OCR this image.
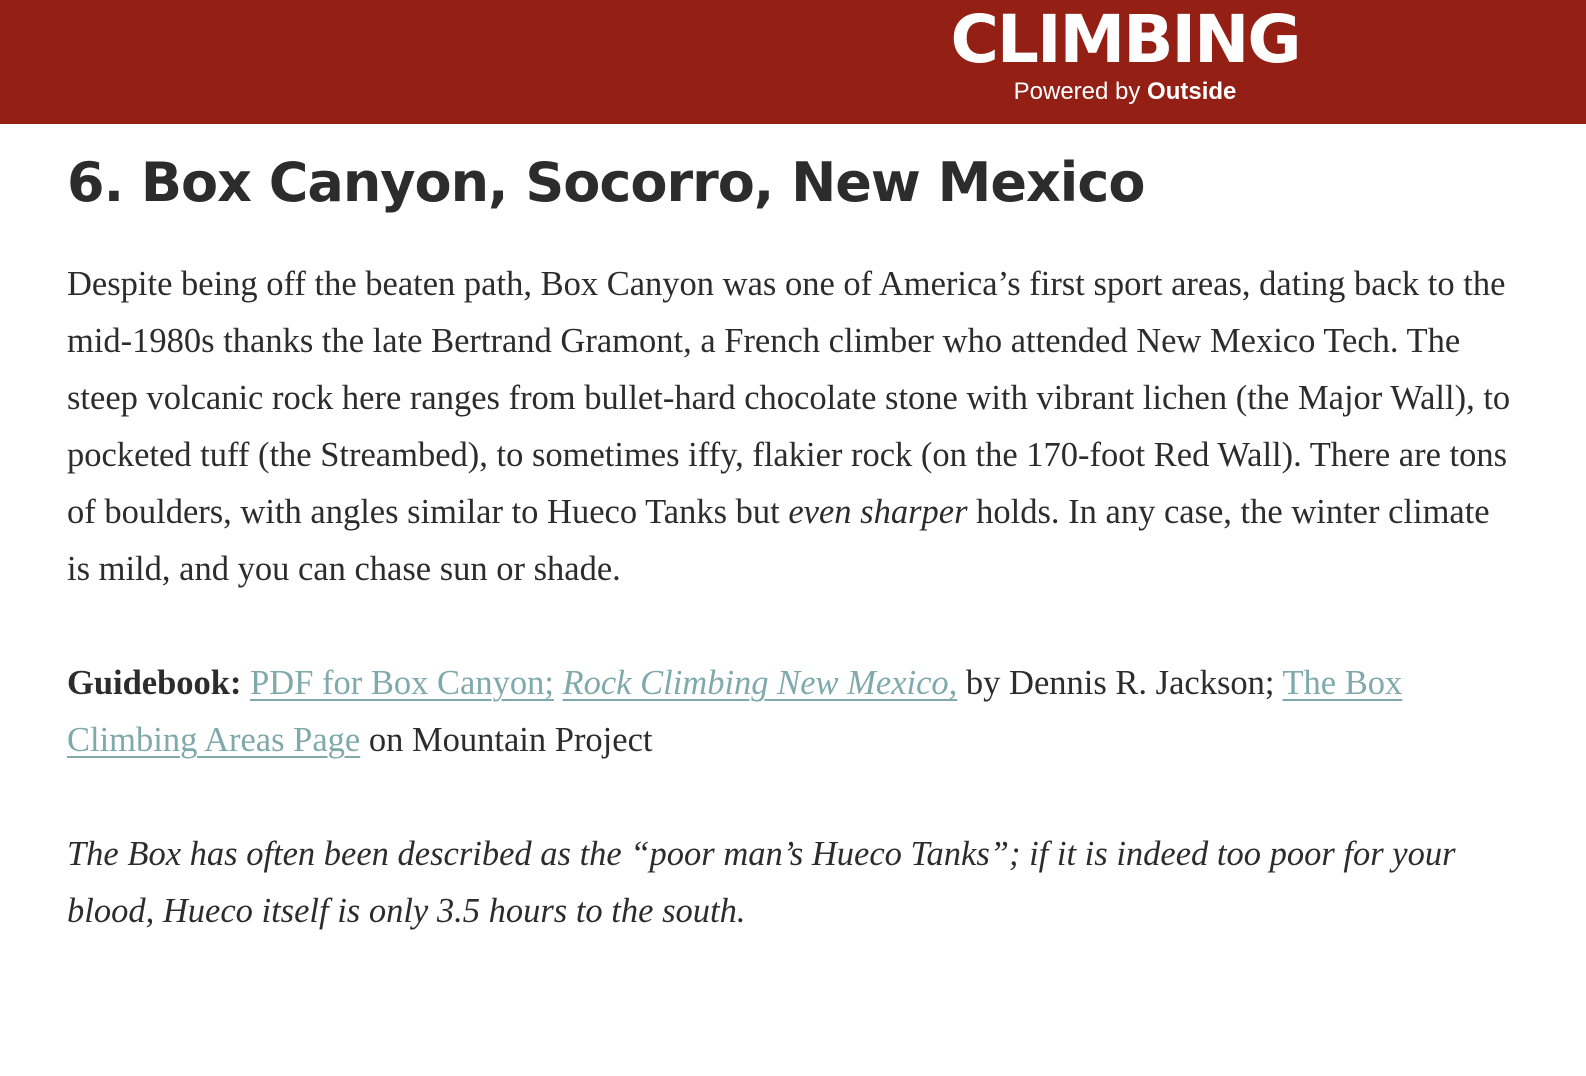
CLIMBING
Powered by Outside
6. Box Canyon, Socorro, New Mexico

Despite being off the beaten path, Box Canyon was one of America’s first sport areas, dating back to the mid-1980s thanks the late Bertrand Gramont, a French climber who attended New Mexico Tech. The steep volcanic rock here ranges from bullet-hard chocolate stone with vibrant lichen (the Major Wall), to pocketed tuff (the Streambed), to sometimes iffy, flakier rock (on the 170-foot Red Wall). There are tons of boulders, with angles similar to Hueco Tanks but even sharper holds. In any case, the winter climate is mild, and you can chase sun or shade.

Guidebook: PDF for Box Canyon; Rock Climbing New Mexico, by Dennis R. Jackson; The Box Climbing Areas Page on Mountain Project

The Box has often been described as the “poor man’s Hueco Tanks”; if it is indeed too poor for your blood, Hueco itself is only 3.5 hours to the south.
